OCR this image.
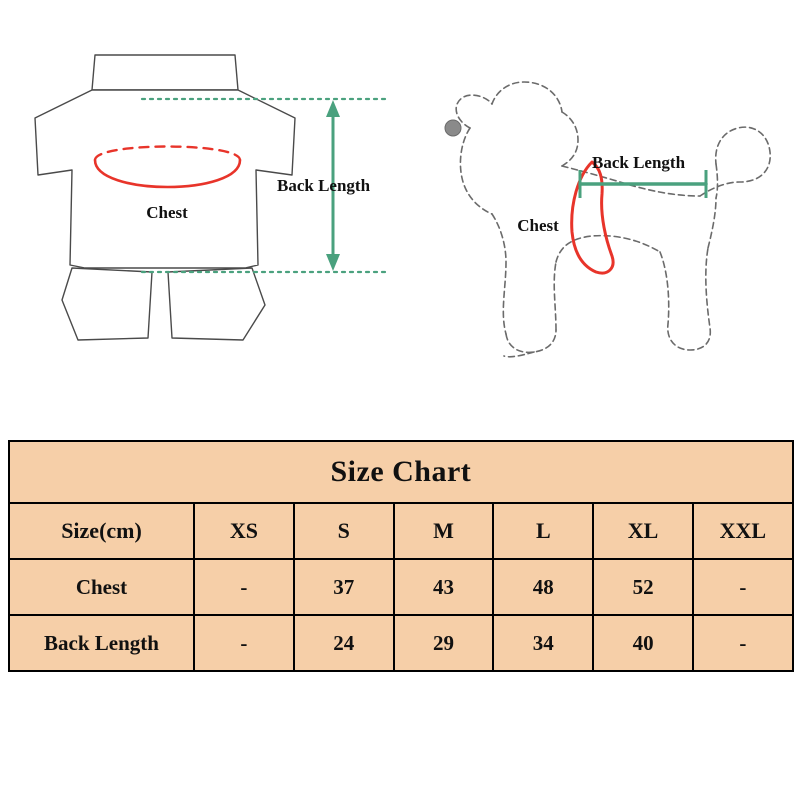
Chest
Back Length
Chest
Back Length
Size Chart						
Size(cm)	XS	S	M	L	XL	XXL
Chest	-	37	43	48	52	-
Back Length	-	24	29	34	40	-
